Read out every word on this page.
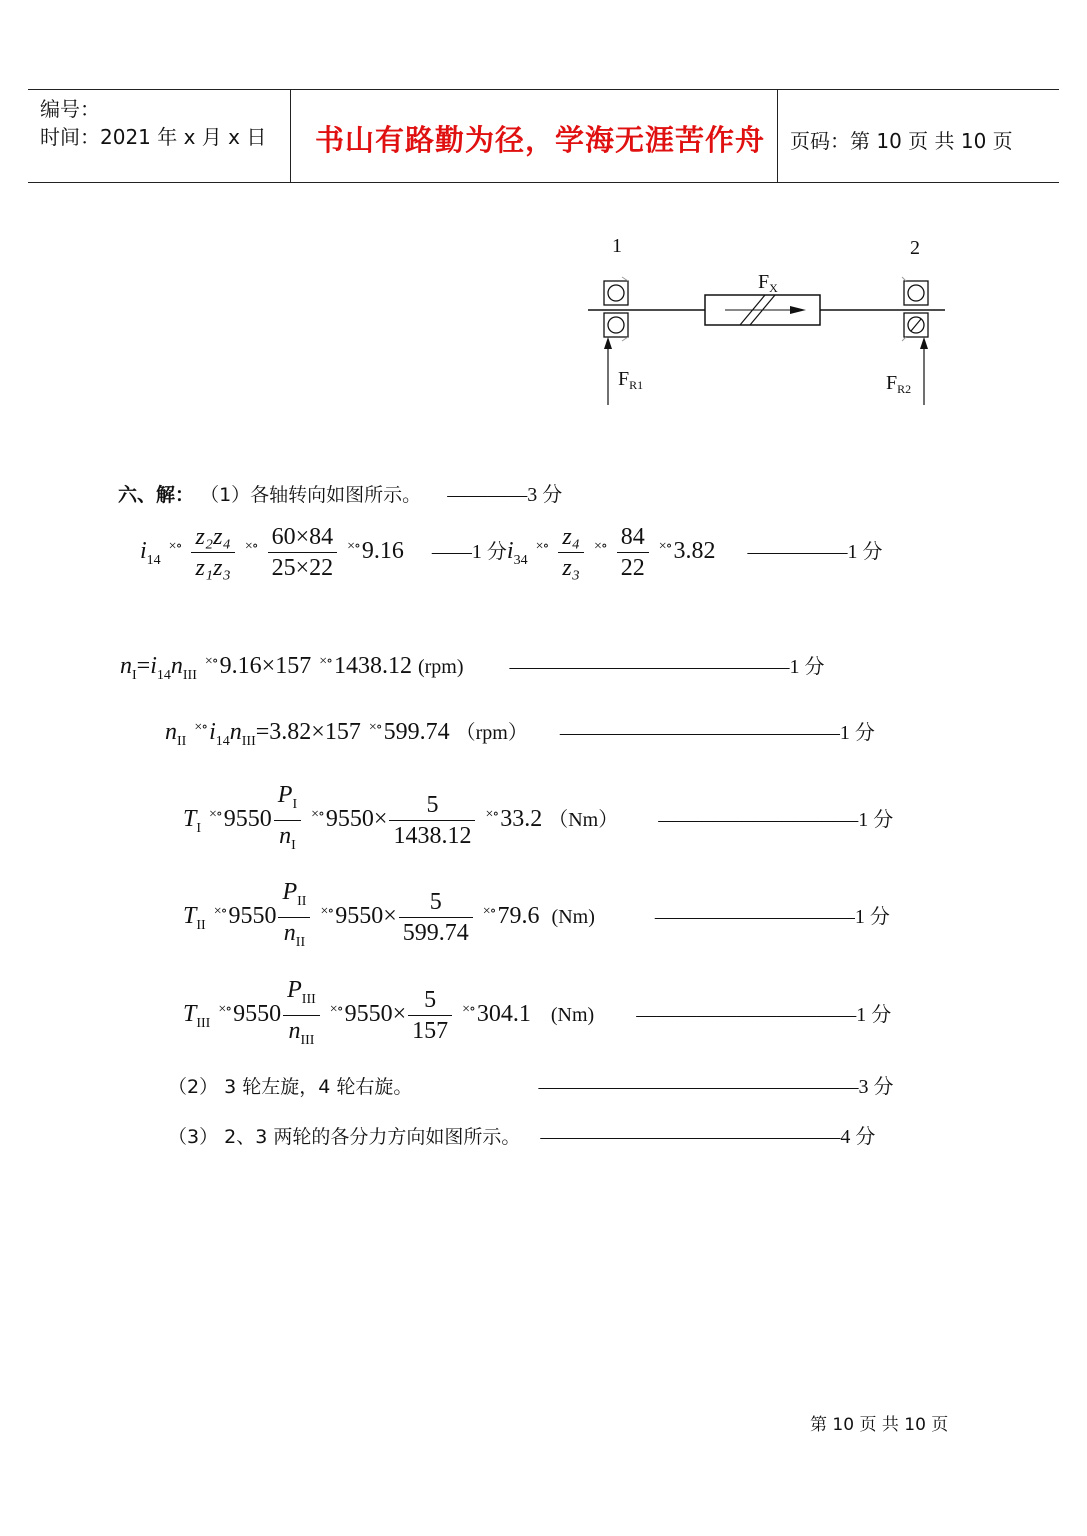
编号：
时间：2021 年 x 月 x 日 书山有路勤为径，学海无涯苦作舟 页码：第 10 页 共 10 页
1	2
$F_X$
$F_{R1}$	$F_{R2}$
六、解： （1）各轴转向如图所示。 ————3 分
$i_{14}$ $^{\times\circ} \frac{\text{z₂z₄}}{\text{z₁z₃}} ^{\times\circ} \frac{60\times 84}{25\times 22} ^{\times\circ}9.16$ ——1 分$i_{34}$ $^{\times\circ} \frac{\text{z₄}}{\text{z₃}} ^{\times\circ} \frac{84}{22} ^{\times\circ}3.82$ —————1 分
$n_I=i_{14}n_{III}$ ×∘9.16×157 ×∘1438.12 (rpm) ——————————————1 分
$n_{II}$ $^{\times\circ}i_{14}n_{III}=3.82\times 157$ ×∘599.74 （rpm） ——————————————1 分
$T_I$ $^{\times\circ}9550 \frac{P_I}{n_I} ^{\times\circ}9550\times \frac{5}{1438.12} ^{\times\circ}33.2$ （Nm） ——————————1 分
$T_{II}$ $^{\times\circ}9550 \frac{P_{II}}{n_{II}} ^{\times\circ}9550\times \frac{5}{599.74} ^{\times\circ}79.6$ (Nm)	——————————1 分
$T_{III}$ $^{\times\circ}9550 \frac{P_{III}}{n_{III}} ^{\times\circ}9550\times \frac{5}{157} ^{\times\circ}304.1$ (Nm) ———————————1 分
（2） 3 轮左旋，4 轮右旋。	————————————————3 分
（3） 2、3 两轮的各分力方向如图所示。 ———————————————4 分
第 10 页 共 10 页
